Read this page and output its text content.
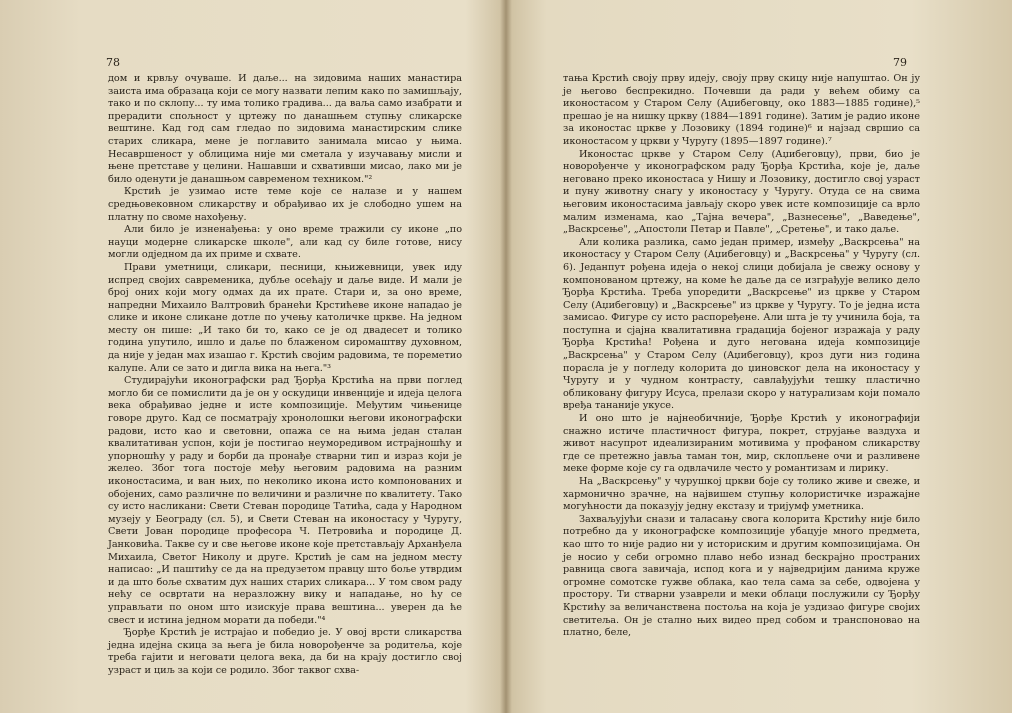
78

дом и крвљу очуваше. И даље... на зидовима наших манастира заиста има образаца који се могу назвати лепим како по замишљају, тако и по склопу... ту има толико градива... да ваља само изабрати и прерадити спољност у цртежу по данашњем ступњу сликарске вештине. Кад год сам гледао по зидовима манастирским слике старих сликара, мене је поглавито занимала мисао у њима. Несавршеност у облицима није ми сметала у изучавању мисли и њене претставе у целини. Нашавши и схвативши мисао, лако ми је било оденути је данашњом савременом техником."²

Крстић је узимао исте теме које се налазе и у нашем средњовековном сликарству и обрађивао их је слободно ушем на платну по своме нахођењу.

Али било је изненађења: у оно време тражили су иконе „по науци модерне сликарске школе", али кад су биле готове, нису могли одједном да их приме и схвате.

Прави уметници, сликари, песници, књижевници, увек иду испред својих савременика, дубље осећају и даље виде. И мали је број оних који могу одмах да их прате. Стари и, за оно време, напредни Михаило Валтровић бранећи Крстићеве иконе нападао је слике и иконе сликане дотле по учењу католичке цркве. На једном месту он пише: „И тако би то, како се је од двадесет и толико година упутило, ишло и даље по блаженом сиромаштву духовном, да није у један мах изашао г. Крстић својим радовима, те пореметио калупе. Али се зато и дигла вика на њега."³

Студирајући иконографски рад Ђорђа Крстића на први поглед могло би се помислити да је он у оскудици инвенције и идеја целога века обрађивао једне и исте композиције. Међутим чињенице говоре друго. Кад се посматрају хронолошки његови иконографски радови, исто као и световни, опажа се на њима један сталан квалитативан успон, који је постигао неуморедивом истрајношћу и упорношћу у раду и борби да пронађе стварни тип и израз који је желео. Због тога постоје међу његовим радовима на разним иконостасима, и ван њих, по неколико икона исто компонованих и обојених, само различне по величини и различне по квалитету. Тако су исто насликани: Свети Стеван породице Татића, сада у Народном музеју у Београду (сл. 5), и Свети Стеван на иконостасу у Чуругу, Свети Јован породице професора Ч. Петровића и породице Д. Јанковића. Такве су и све његове иконе које претстављају Арханђела Михаила, Светог Николу и друге. Крстић је сам на једном месту написао: „И паштићу се да на предузетом правцу што боље утврдим и да што боље схватим дух наших старих сликара... У том свом раду нећу се освртати на неразложну вику и нападање, но ћу се управљати по оном што изискује права вештина... уверен да ће свест и истина једном морати да победи."⁴

Ђорђе Крстић је истрајао и победио је. У овој врсти сликарства једна идејна скица за њега је била новорођенче за родитеља, које треба гајити и неговати целога века, да би на крају достигло свој узраст и циљ за који се родило. Због таквог схва-

79

тања Крстић своју прву идеју, своју прву скицу није напуштао. Он ју је његово беспрекидно. Почевши да ради у већем обиму са иконостасом у Старом Селу (Аџибеговцу, око 1883—1885 године),⁵ прешао је на нишку цркву (1884—1891 године). Затим је радио иконе за иконостас цркве у Лозовику (1894 године)⁶ и најзад свршио са иконостасом у цркви у Чуругу (1895—1897 године).⁷

Иконостас цркве у Старом Селу (Аџибеговцу), први, био је новорођенче у иконографском раду Ђорђа Крстића, које је, даље неговано преко иконостаса у Нишу и Лозовику, достигло свој узраст и пуну животну снагу у иконостасу у Чуругу. Отуда се на свима његовим иконостасима јављају скоро увек исте композиције са врло малим изменама, као „Тајна вечера", „Вазнесење", „Ваведење", „Васкрсење", „Апостоли Петар и Павле", „Сретење", и тако даље.

Али колика разлика, само један пример, између „Васкрсења" на иконостасу у Старом Селу (Аџибеговцу) и „Васкрсења" у Чуругу (сл. 6). Једанпут рођена идеја о некој слици добијала је свежу основу у компонованом цртежу, на коме ће даље да се изграђује велико дело Ђорђа Крстића. Треба упоредити „Васкрсење" из цркве у Старом Селу (Аџибеговцу) и „Васкрсење" из цркве у Чуругу. То је једна иста замисао. Фигуре су исто распоређене. Али шта је ту учинила боја, та поступна и сјајна квалитативна градација бојеног изражаја у раду Ђорђа Крстића! Рођена и дуго негована идеја композиције „Васкрсења" у Старом Селу (Аџибеговцу), кроз дуги низ година порасла је у погледу колорита до џиновског дела на иконостасу у Чуругу и у чудном контрасту, савлађујући тешку пластично обликовану фигуру Исуса, прелази скоро у натурализам који помало вређа тананије укусе.

И оно што је најнеобичније, Ђорђе Крстић у иконографији снажно истиче пластичност фигура, покрет, струјање ваздуха и живот насупрот идеализираним мотивима у профаном сликарству где се претежно јавља таман тон, мир, склопљене очи и разливене меке форме које су га одвлачиле често у романтизам и лирику.

На „Васкрсењу" у чурушкој цркви боје су толико живе и свеже, и хармонично зрачне, на највишем ступњу колористичке изражајне могућности да показују једну екстазу и тријумф уметника.

Захваљујући снази и таласању свога колорита Крстићу није било потребно да у иконографске композиције убацује много предмета, као што то није радио ни у историским и другим композицијама. Он је носио у себи огромно плаво небо изнад бескрајно пространих равница свога завичаја, испод кога и у најведријим данима круже огромне сомотске гужве облака, као тела сама за себе, одвојена у простору. Ти стварни узаврели и меки облаци послужили су Ђорђу Крстићу за величанствена постоља на која је уздизао фигуре својих светитеља. Он је стално њих видео пред собом и транспоновао на платно, беле,
